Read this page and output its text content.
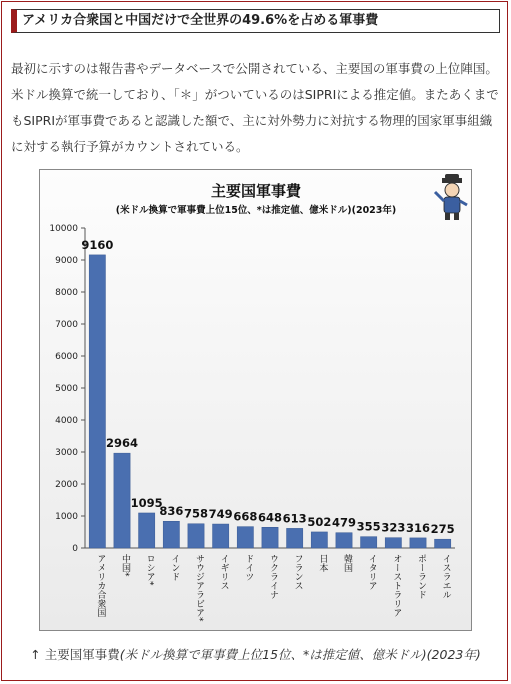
アメリカ合衆国と中国だけで全世界の49.6%を占める軍事費

最初に示すのは報告書やデータベースで公開されている、主要国の軍事費の上位陣国。米ドル換算で統一しており、「＊」がついているのはSIPRIによる推定値。またあくまでもSIPRIが軍事費であると認識した額で、主に対外勢力に対抗する物理的国家軍事組織に対する執行予算がカウントされている。

主要国軍事費
(米ドル換算で軍事費上位15位、*は推定値、億米ドル)(2023年)
0
1000
2000
3000
4000
5000
6000
7000
8000
9000
10000
9160
アメリカ合衆国
2964
中国*
1095
ロシア*
836
インド
758
サウジアラビア*
749
イギリス
668
ドイツ
648
ウクライナ
613
フランス
502
日本
479
韓国
355
イタリア
323
オーストラリア
316
ポーランド
275
イスラエル
↑ 主要国軍事費(米ドル換算で軍事費上位15位、*は推定値、億米ドル)(2023年)
